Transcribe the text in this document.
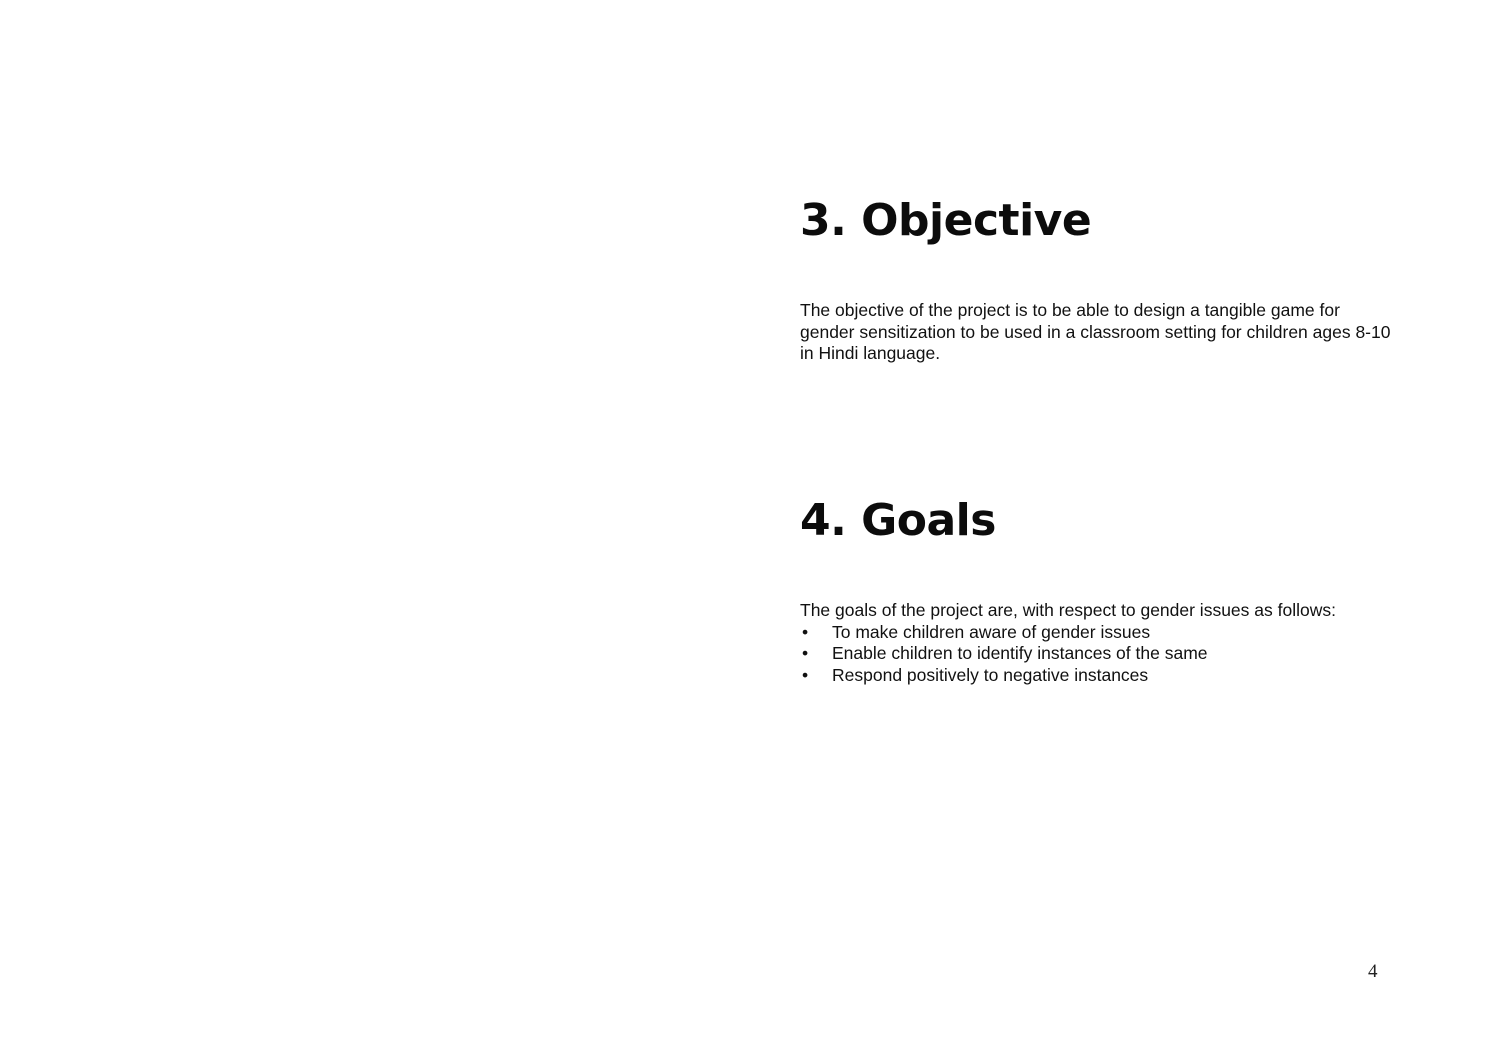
3. Objective

The objective of the project is to be able to design a tangible game for gender sensitization to be used in a classroom setting for children ages 8-10 in Hindi language.

4. Goals

The goals of the project are, with respect to gender issues as follows:

• To make children aware of gender issues
• Enable children to identify instances of the same
• Respond positively to negative instances
4
